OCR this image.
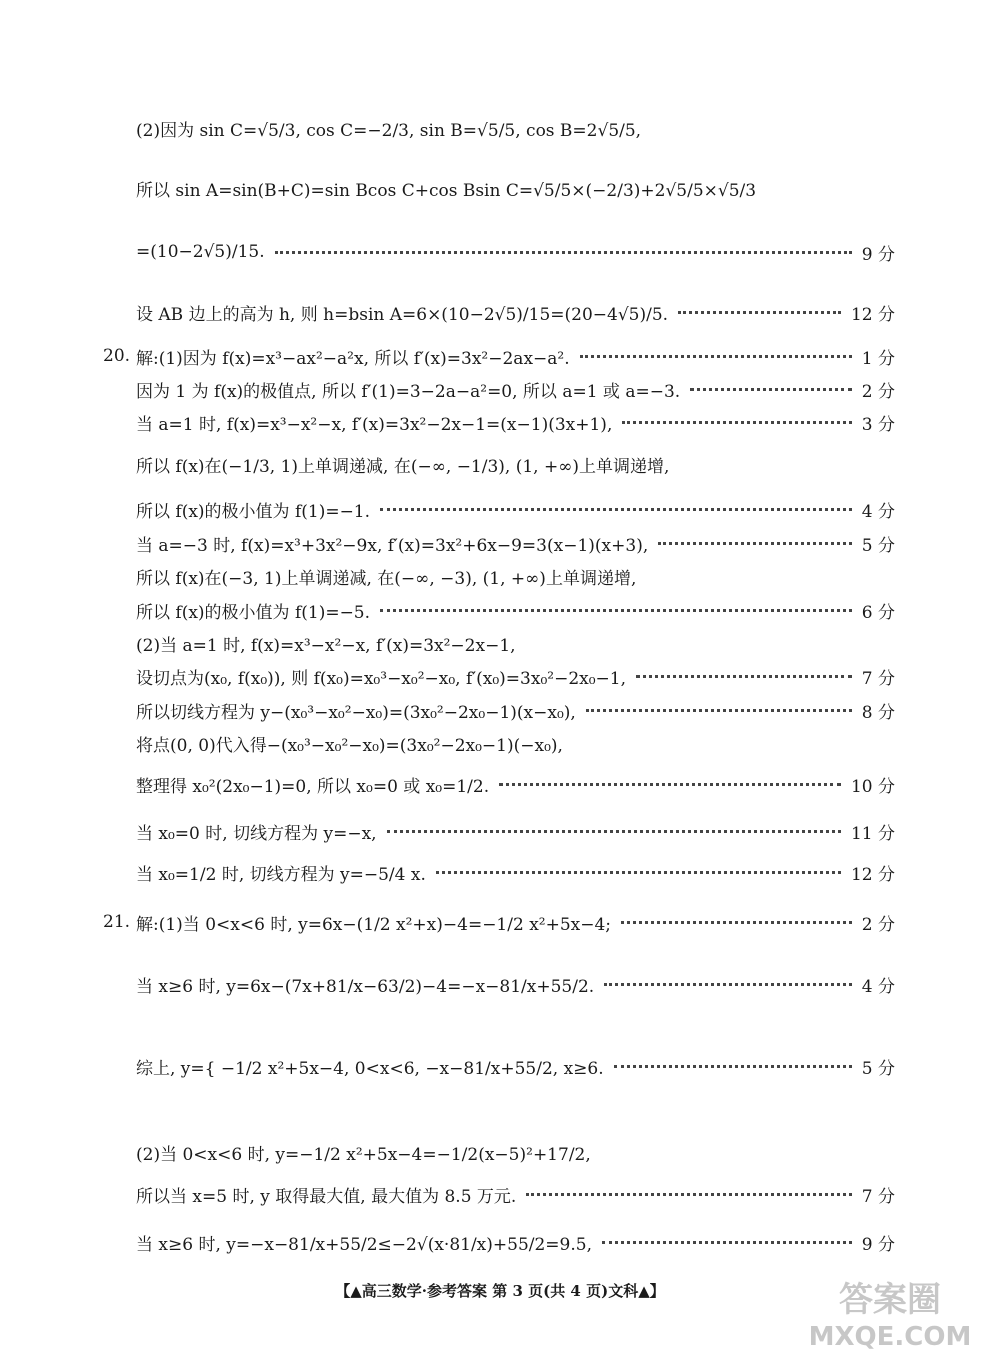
(2)因为 sin C=√5/3, cos C=−2/3, sin B=√5/5, cos B=2√5/5,
所以 sin A=sin(B+C)=sin Bcos C+cos Bsin C=√5/5×(−2/3)+2√5/5×√5/3
=(10−2√5)/15.	9 分
设 AB 边上的高为 h, 则 h=bsin A=6×(10−2√5)/15=(20−4√5)/5.	12 分
20. 解:(1)因为 f(x)=x³−ax²−a²x, 所以 f′(x)=3x²−2ax−a².	1 分
因为 1 为 f(x)的极值点, 所以 f′(1)=3−2a−a²=0, 所以 a=1 或 a=−3.	2 分
当 a=1 时, f(x)=x³−x²−x, f′(x)=3x²−2x−1=(x−1)(3x+1),	3 分
所以 f(x)在(−1/3, 1)上单调递减, 在(−∞, −1/3), (1, +∞)上单调递增,
所以 f(x)的极小值为 f(1)=−1.	4 分
当 a=−3 时, f(x)=x³+3x²−9x, f′(x)=3x²+6x−9=3(x−1)(x+3),	5 分
所以 f(x)在(−3, 1)上单调递减, 在(−∞, −3), (1, +∞)上单调递增,
所以 f(x)的极小值为 f(1)=−5.	6 分
(2)当 a=1 时, f(x)=x³−x²−x, f′(x)=3x²−2x−1,
设切点为(x₀, f(x₀)), 则 f(x₀)=x₀³−x₀²−x₀, f′(x₀)=3x₀²−2x₀−1,	7 分
所以切线方程为 y−(x₀³−x₀²−x₀)=(3x₀²−2x₀−1)(x−x₀),	8 分
将点(0, 0)代入得−(x₀³−x₀²−x₀)=(3x₀²−2x₀−1)(−x₀),
整理得 x₀²(2x₀−1)=0, 所以 x₀=0 或 x₀=1/2.	10 分
当 x₀=0 时, 切线方程为 y=−x,	11 分
当 x₀=1/2 时, 切线方程为 y=−5/4 x.	12 分
21. 解:(1)当 0<x<6 时, y=6x−(1/2 x²+x)−4=−1/2 x²+5x−4;	2 分
当 x≥6 时, y=6x−(7x+81/x−63/2)−4=−x−81/x+55/2.	4 分
综上, y={ −1/2 x²+5x−4, 0<x<6, −x−81/x+55/2, x≥6.	5 分
(2)当 0<x<6 时, y=−1/2 x²+5x−4=−1/2(x−5)²+17/2,
所以当 x=5 时, y 取得最大值, 最大值为 8.5 万元.	7 分
当 x≥6 时, y=−x−81/x+55/2≤−2√(x·81/x)+55/2=9.5,	9 分
【▲高三数学·参考答案 第 3 页(共 4 页)文科▲】	答案圈
MXQE.COM
